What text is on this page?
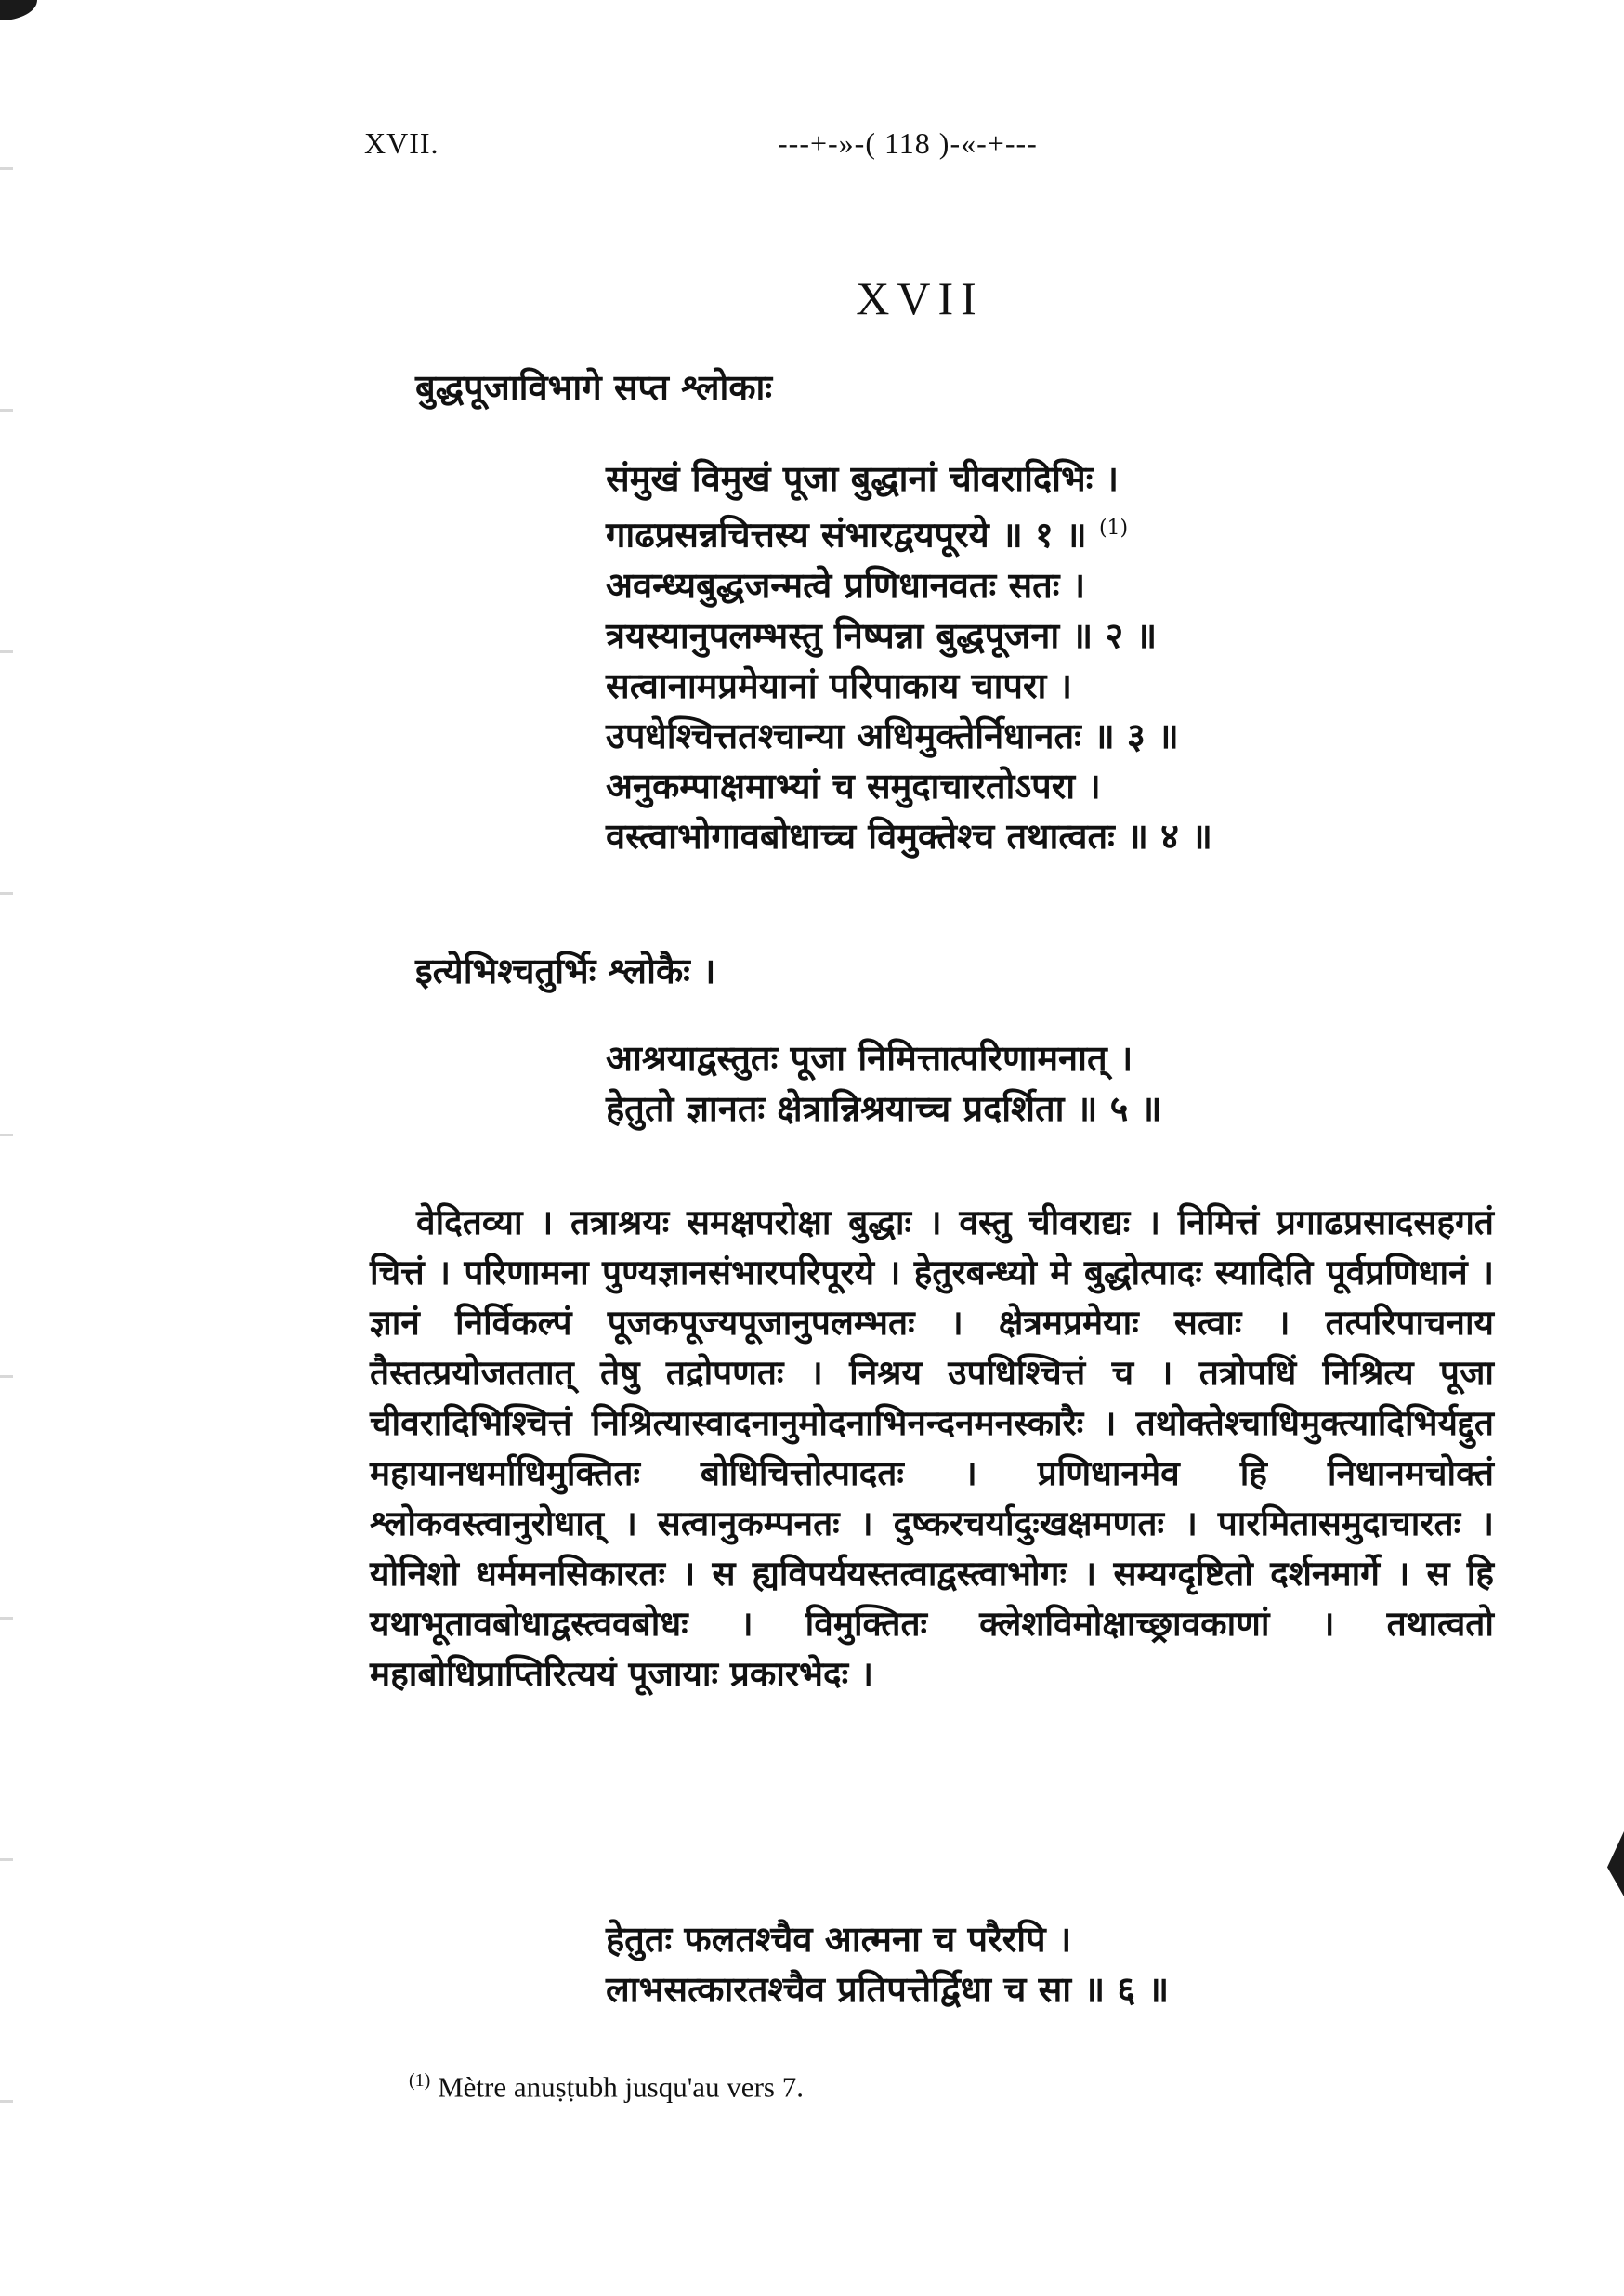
XVII.	---+-»-( 118 )-«-+---
XVII
बुद्धपूजाविभागे सप्त श्लोकाः
संमुखं विमुखं पूजा बुद्धानां चीवरादिभिः ।
गाढप्रसन्नचित्तस्य संभारद्वयपूरये ॥ १ ॥ $^{(1)}$
अवन्ध्यबुद्धजन्मत्वे प्रणिधानवतः सतः ।
त्रयस्यानुपलम्भस्तु निष्पन्ना बुद्धपूजना ॥ २ ॥
सत्वानामप्रमेयानां परिपाकाय चापरा ।
उपधेश्चित्ततश्चान्या अधिमुक्तेर्निधानतः ॥ ३ ॥
अनुकम्पाक्षमाभ्यां च समुदाचारतोऽपरा ।
वस्त्वाभोगावबोधाच्च विमुक्तेश्च तथात्वतः ॥ ४ ॥
इत्येभिश्चतुर्भिः श्लोकैः ।
आश्रयाद्वस्तुतः पूजा निमित्तात्परिणामनात् ।
हेतुतो ज्ञानतः क्षेत्रान्निश्रयाच्च प्रदर्शिता ॥ ५ ॥
वेदितव्या । तत्राश्रयः समक्षपरोक्षा बुद्धाः । वस्तु चीवराद्यः । निमित्तं प्रगाढप्रसादसहगतं चित्तं । परिणामना पुण्यज्ञानसंभारपरिपूरये । हेतुरबन्ध्यो मे बुद्धोत्पादः स्यादिति पूर्वप्रणिधानं । ज्ञानं निर्विकल्पं पूजकपूज्यपूजानुपलम्भतः । क्षेत्रमप्रमेयाः सत्वाः । तत्परिपाचनाय तैस्तत्प्रयोजततात् तेषु तद्रोपणतः । निश्रय उपधिश्चित्तं च । तत्रोपधिं निश्रित्य पूजा चीवरादिभिश्चित्तं निश्रित्यास्वादनानुमोदनाभिनन्दनमनस्कारैः । तथोक्तेश्चाधिमुक्त्यादिभिर्यद्दुत महायानधर्माधिमुक्तितः बोधिचित्तोत्पादतः । प्रणिधानमेव हि निधानमचोक्तं श्लोकवस्त्वानुरोधात् । सत्वानुकम्पनतः । दुष्करचर्यादुःखक्षमणतः । पारमितासमुदाचारतः । योनिशो धर्ममनसिकारतः । स ह्यविपर्ययस्तत्वाद्वस्त्वाभोगः । सम्यग्दृष्टितो दर्शनमार्गे । स हि यथाभूतावबोधाद्वस्त्ववबोधः । विमुक्तितः क्लेशविमोक्षाच्छ्रावकाणां । तथात्वतो महाबोधिप्राप्तिरित्ययं पूजायाः प्रकारभेदः ।
हेतुतः फलतश्चैव आत्मना च परैरपि ।
लाभसत्कारतश्चैव प्रतिपत्तेर्द्विधा च सा ॥ ६ ॥
$^{(1)}$ Mètre anuṣṭubh jusqu'au vers 7.
